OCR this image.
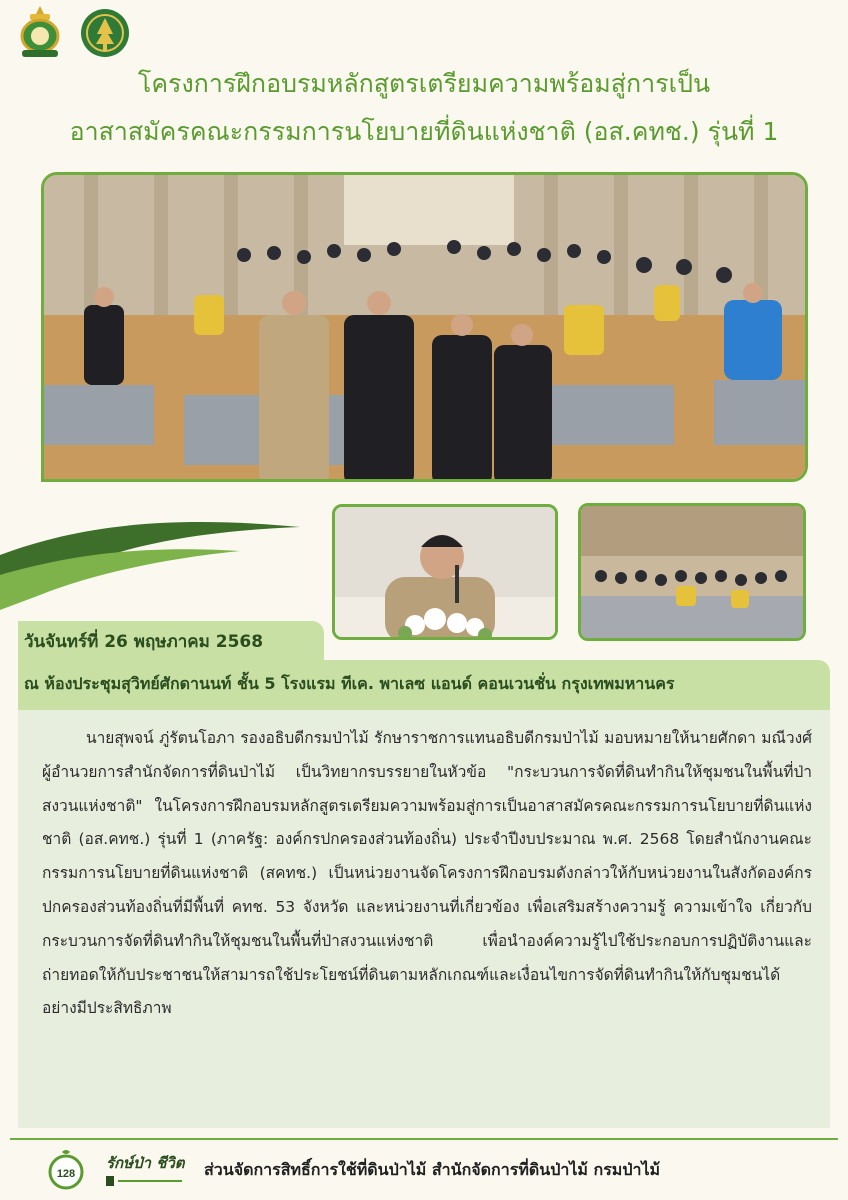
โครงการฝึกอบรมหลักสูตรเตรียมความพร้อมสู่การเป็น
อาสาสมัครคณะกรรมการนโยบายที่ดินแห่งชาติ (อส.คทช.) รุ่นที่ 1
วันจันทร์ที่ 26 พฤษภาคม 2568
ณ ห้องประชุมสุวิทย์ศักดานนท์ ชั้น 5 โรงแรม ทีเค. พาเลซ แอนด์ คอนเวนชั่น กรุงเทพมหานคร

นายสุพจน์ ภู่รัตนโอภา รองอธิบดีกรมป่าไม้ รักษาราชการแทนอธิบดีกรมป่าไม้ มอบหมายให้นายศักดา มณีวงศ์ ผู้อำนวยการสำนักจัดการที่ดินป่าไม้ เป็นวิทยากรบรรยายในหัวข้อ "กระบวนการจัดที่ดินทำกินให้ชุมชนในพื้นที่ป่าสงวนแห่งชาติ" ในโครงการฝึกอบรมหลักสูตรเตรียมความพร้อมสู่การเป็นอาสาสมัครคณะกรรมการนโยบายที่ดินแห่งชาติ (อส.คทช.) รุ่นที่ 1 (ภาครัฐ: องค์กรปกครองส่วนท้องถิ่น) ประจำปีงบประมาณ พ.ศ. 2568 โดยสำนักงานคณะกรรมการนโยบายที่ดินแห่งชาติ (สคทช.) เป็นหน่วยงานจัดโครงการฝึกอบรมดังกล่าวให้กับหน่วยงานในสังกัดองค์กรปกครองส่วนท้องถิ่นที่มีพื้นที่ คทช. 53 จังหวัด และหน่วยงานที่เกี่ยวข้อง เพื่อเสริมสร้างความรู้ ความเข้าใจ เกี่ยวกับกระบวนการจัดที่ดินทำกินให้ชุมชนในพื้นที่ป่าสงวนแห่งชาติ เพื่อนำองค์ความรู้ไปใช้ประกอบการปฏิบัติงานและถ่ายทอดให้กับประชาชนให้สามารถใช้ประโยชน์ที่ดินตามหลักเกณฑ์และเงื่อนไขการจัดที่ดินทำกินให้กับชุมชนได้อย่างมีประสิทธิภาพ

128
รักษ์ป่า ชีวิต ส่วนจัดการสิทธิ์การใช้ที่ดินป่าไม้ สำนักจัดการที่ดินป่าไม้ กรมป่าไม้
